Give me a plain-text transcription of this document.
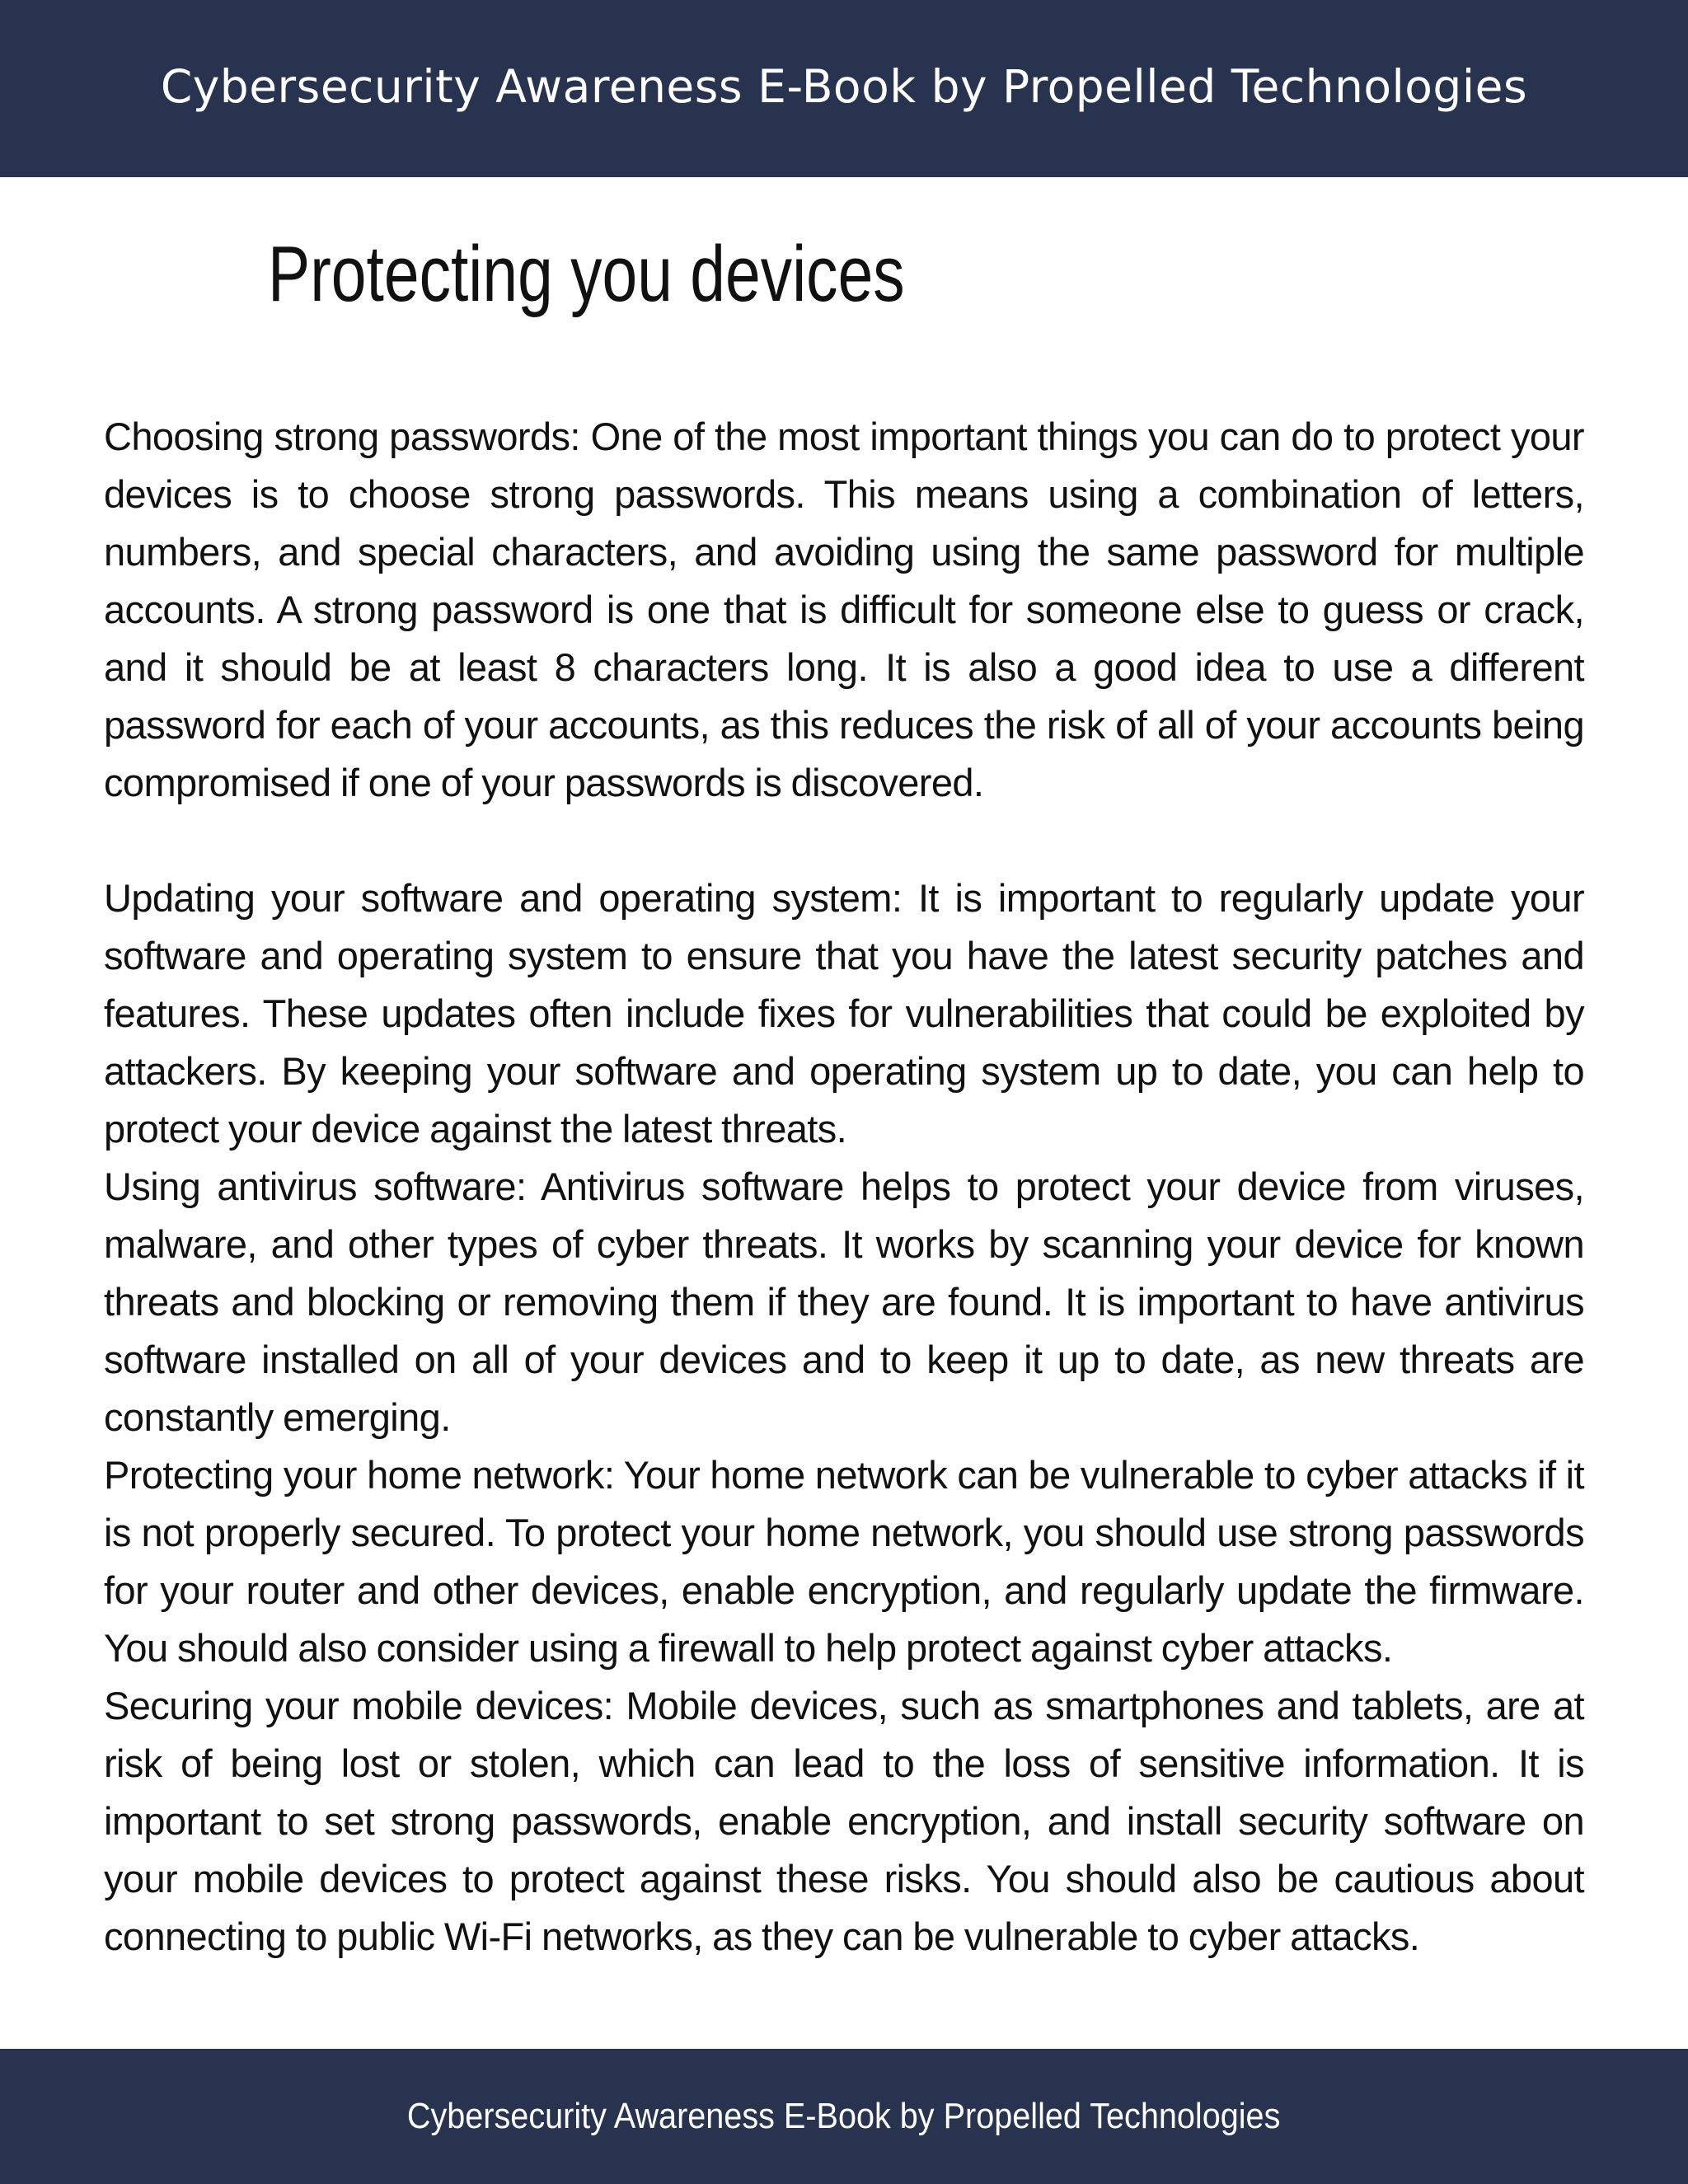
Cybersecurity Awareness E-Book by Propelled Technologies
Protecting you devices

Choosing strong passwords: One of the most important things you can do to protect your devices is to choose strong passwords. This means using a combination of letters, numbers, and special characters, and avoiding using the same password for multiple accounts. A strong password is one that is difficult for someone else to guess or crack, and it should be at least 8 characters long. It is also a good idea to use a different password for each of your accounts, as this reduces the risk of all of your accounts being compromised if one of your passwords is discovered.

Updating your software and operating system: It is important to regularly update your software and operating system to ensure that you have the latest security patches and features. These updates often include fixes for vulnerabilities that could be exploited by attackers. By keeping your software and operating system up to date, you can help to protect your device against the latest threats.

Using antivirus software: Antivirus software helps to protect your device from viruses, malware, and other types of cyber threats. It works by scanning your device for known threats and blocking or removing them if they are found. It is important to have antivirus software installed on all of your devices and to keep it up to date, as new threats are constantly emerging.

Protecting your home network: Your home network can be vulnerable to cyber attacks if it is not properly secured. To protect your home network, you should use strong passwords for your router and other devices, enable encryption, and regularly update the firmware. You should also consider using a firewall to help protect against cyber attacks.

Securing your mobile devices: Mobile devices, such as smartphones and tablets, are at risk of being lost or stolen, which can lead to the loss of sensitive information. It is important to set strong passwords, enable encryption, and install security software on your mobile devices to protect against these risks. You should also be cautious about connecting to public Wi-Fi networks, as they can be vulnerable to cyber attacks.

Cybersecurity Awareness E-Book by Propelled Technologies
